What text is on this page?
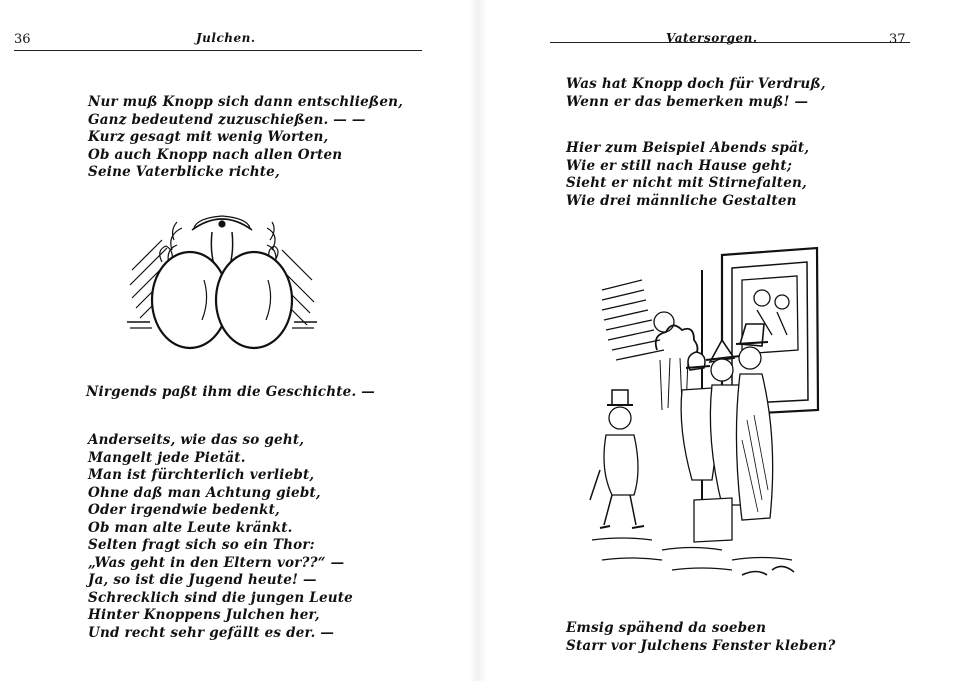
36	Julchen.
Nur muß Knopp sich dann entschließen,
Ganz bedeutend zuzuschießen. — —
Kurz gesagt mit wenig Worten,
Ob auch Knopp nach allen Orten
Seine Vaterblicke richte,
Nirgends paßt ihm die Geschichte. —
Anderseits, wie das so geht,
Mangelt jede Pietät.
Man ist fürchterlich verliebt,
Ohne daß man Achtung giebt,
Oder irgendwie bedenkt,
Ob man alte Leute kränkt.
Selten fragt sich so ein Thor:
„Was geht in den Eltern vor??“ —
Ja, so ist die Jugend heute! —
Schrecklich sind die jungen Leute
Hinter Knoppens Julchen her,
Und recht sehr gefällt es der. —
Vatersorgen.	37
Was hat Knopp doch für Verdruß,
Wenn er das bemerken muß! —
Hier zum Beispiel Abends spät,
Wie er still nach Hause geht;
Sieht er nicht mit Stirnefalten,
Wie drei männliche Gestalten
Emsig spähend da soeben
Starr vor Julchens Fenster kleben?
